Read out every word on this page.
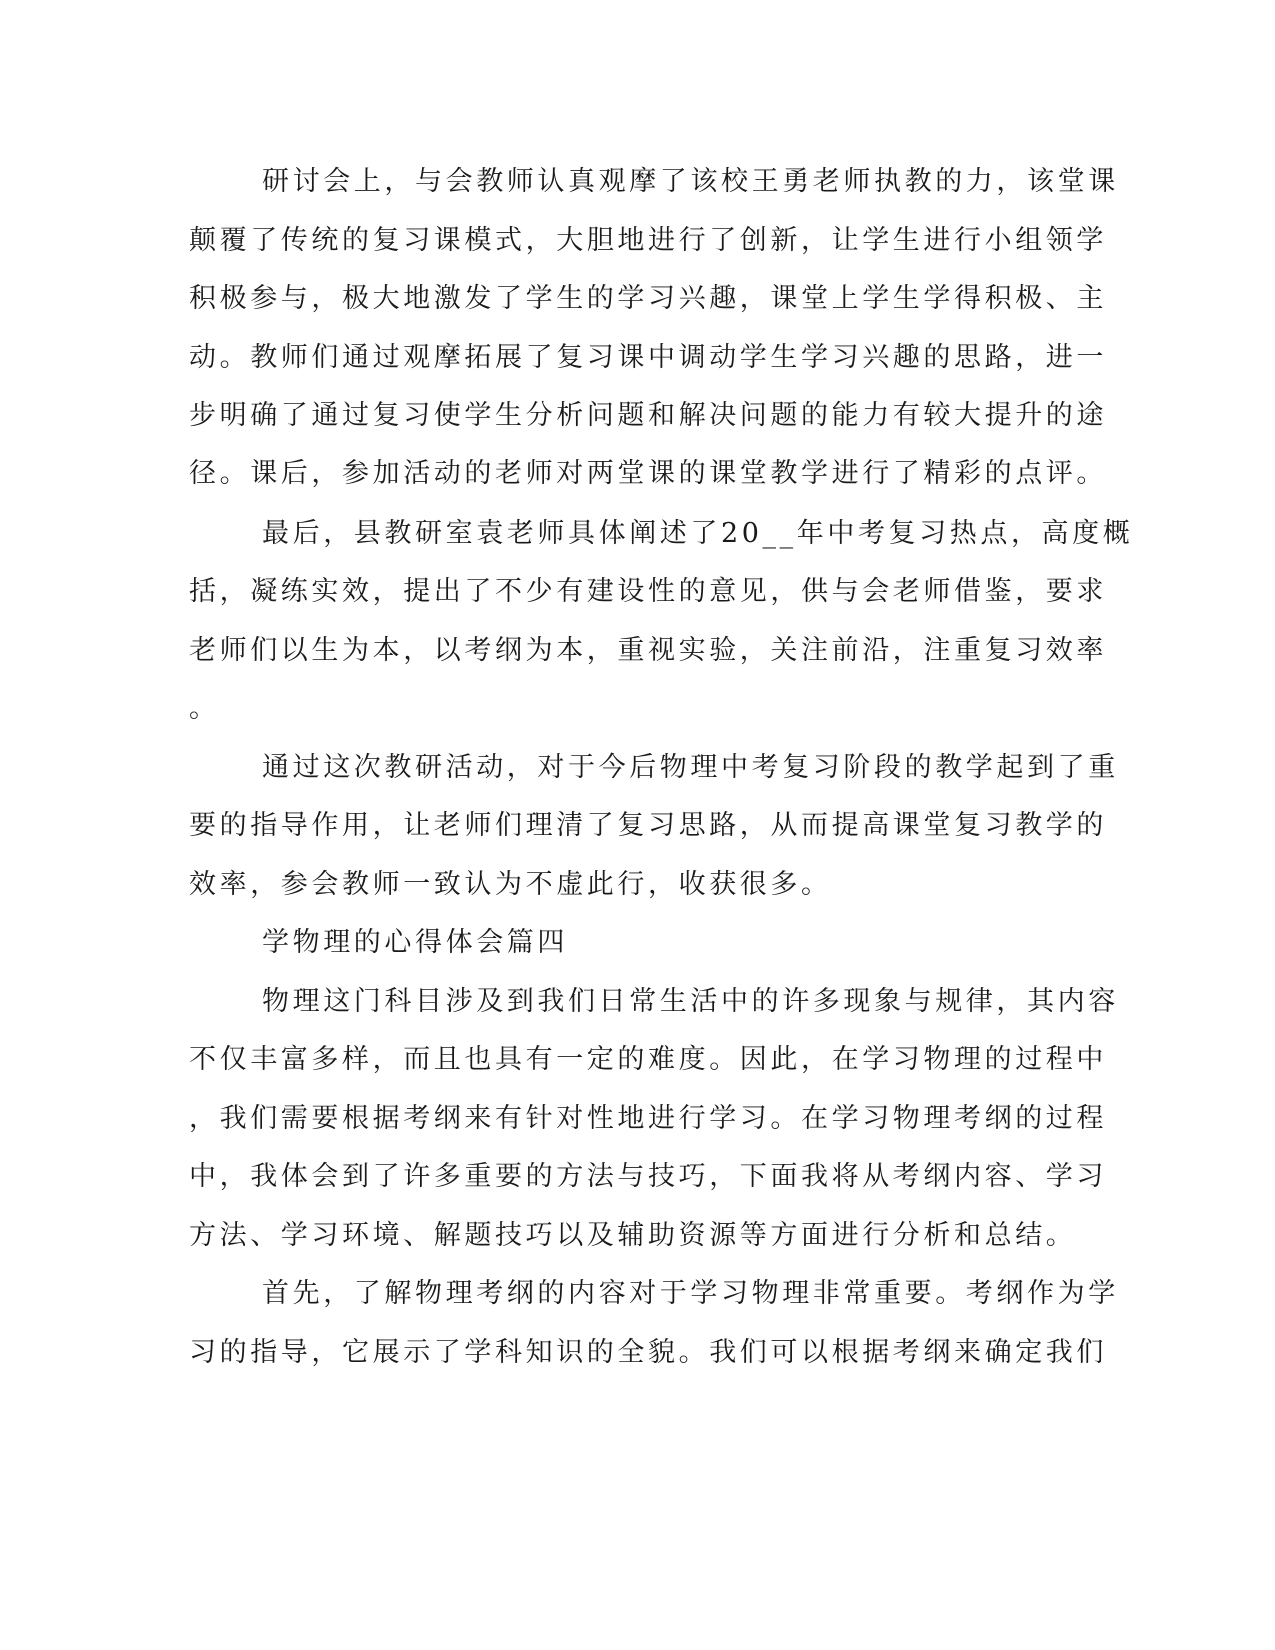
研讨会上，与会教师认真观摩了该校王勇老师执教的力，该堂课
颠覆了传统的复习课模式，大胆地进行了创新，让学生进行小组领学
积极参与，极大地激发了学生的学习兴趣，课堂上学生学得积极、主
动。教师们通过观摩拓展了复习课中调动学生学习兴趣的思路，进一
步明确了通过复习使学生分析问题和解决问题的能力有较大提升的途
径。课后，参加活动的老师对两堂课的课堂教学进行了精彩的点评。
最后，县教研室袁老师具体阐述了20__年中考复习热点，高度概
括，凝练实效，提出了不少有建设性的意见，供与会老师借鉴，要求
老师们以生为本，以考纲为本，重视实验，关注前沿，注重复习效率
。
通过这次教研活动，对于今后物理中考复习阶段的教学起到了重
要的指导作用，让老师们理清了复习思路，从而提高课堂复习教学的
效率，参会教师一致认为不虚此行，收获很多。
学物理的心得体会篇四
物理这门科目涉及到我们日常生活中的许多现象与规律，其内容
不仅丰富多样，而且也具有一定的难度。因此，在学习物理的过程中
，我们需要根据考纲来有针对性地进行学习。在学习物理考纲的过程
中，我体会到了许多重要的方法与技巧，下面我将从考纲内容、学习
方法、学习环境、解题技巧以及辅助资源等方面进行分析和总结。
首先，了解物理考纲的内容对于学习物理非常重要。考纲作为学
习的指导，它展示了学科知识的全貌。我们可以根据考纲来确定我们
